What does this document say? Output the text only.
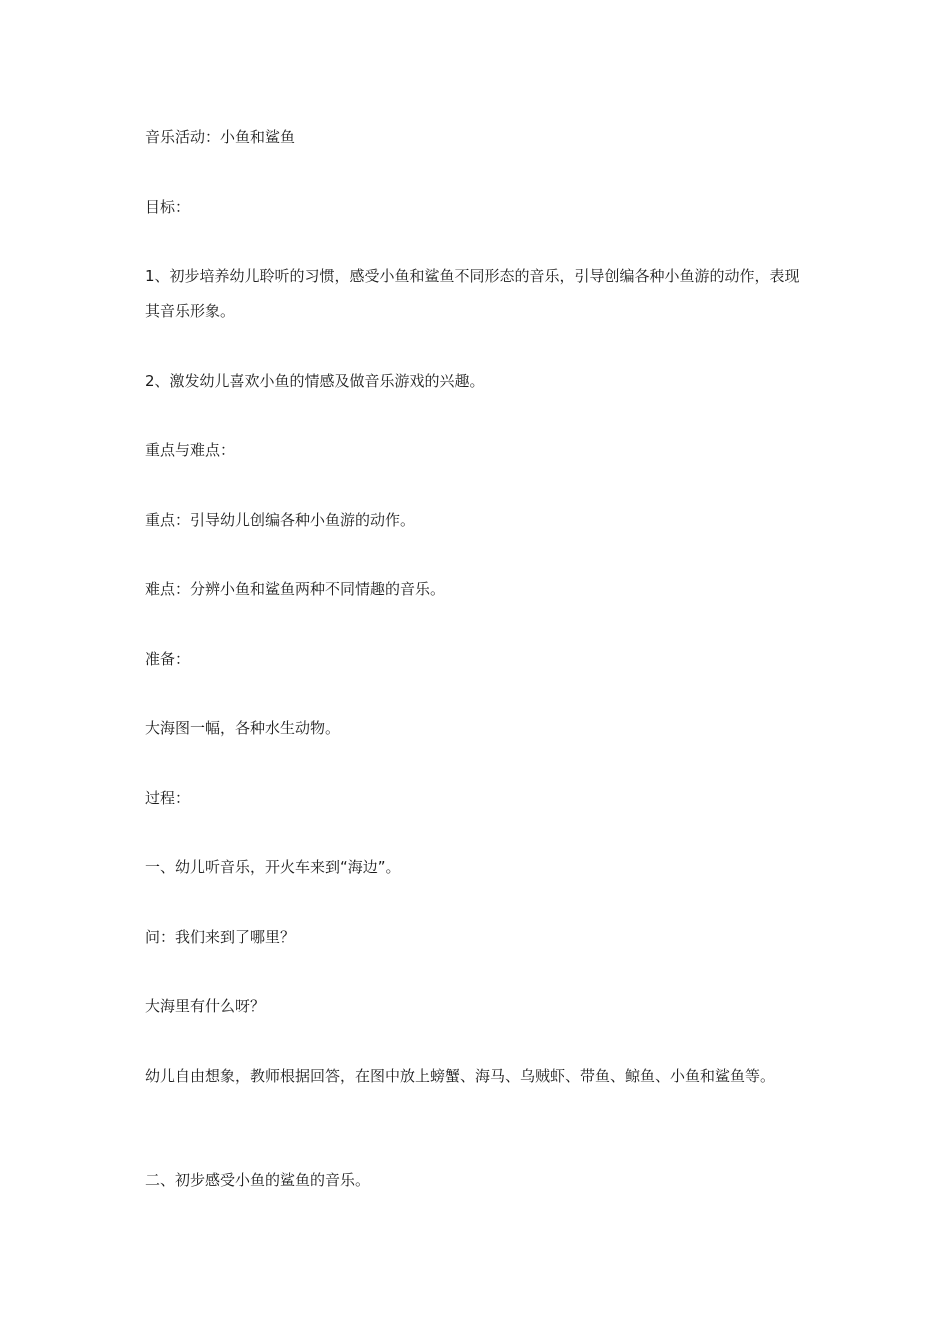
音乐活动：小鱼和鲨鱼

目标：

1、初步培养幼儿聆听的习惯，感受小鱼和鲨鱼不同形态的音乐，引导创编各种小鱼游的动作，表现其音乐形象。

2、激发幼儿喜欢小鱼的情感及做音乐游戏的兴趣。

重点与难点：

重点：引导幼儿创编各种小鱼游的动作。

难点：分辨小鱼和鲨鱼两种不同情趣的音乐。

准备：

大海图一幅，各种水生动物。

过程：

一、幼儿听音乐，开火车来到“海边”。

问：我们来到了哪里？

大海里有什么呀？

幼儿自由想象，教师根据回答，在图中放上螃蟹、海马、乌贼虾、带鱼、鲸鱼、小鱼和鲨鱼等。

二、初步感受小鱼的鲨鱼的音乐。
